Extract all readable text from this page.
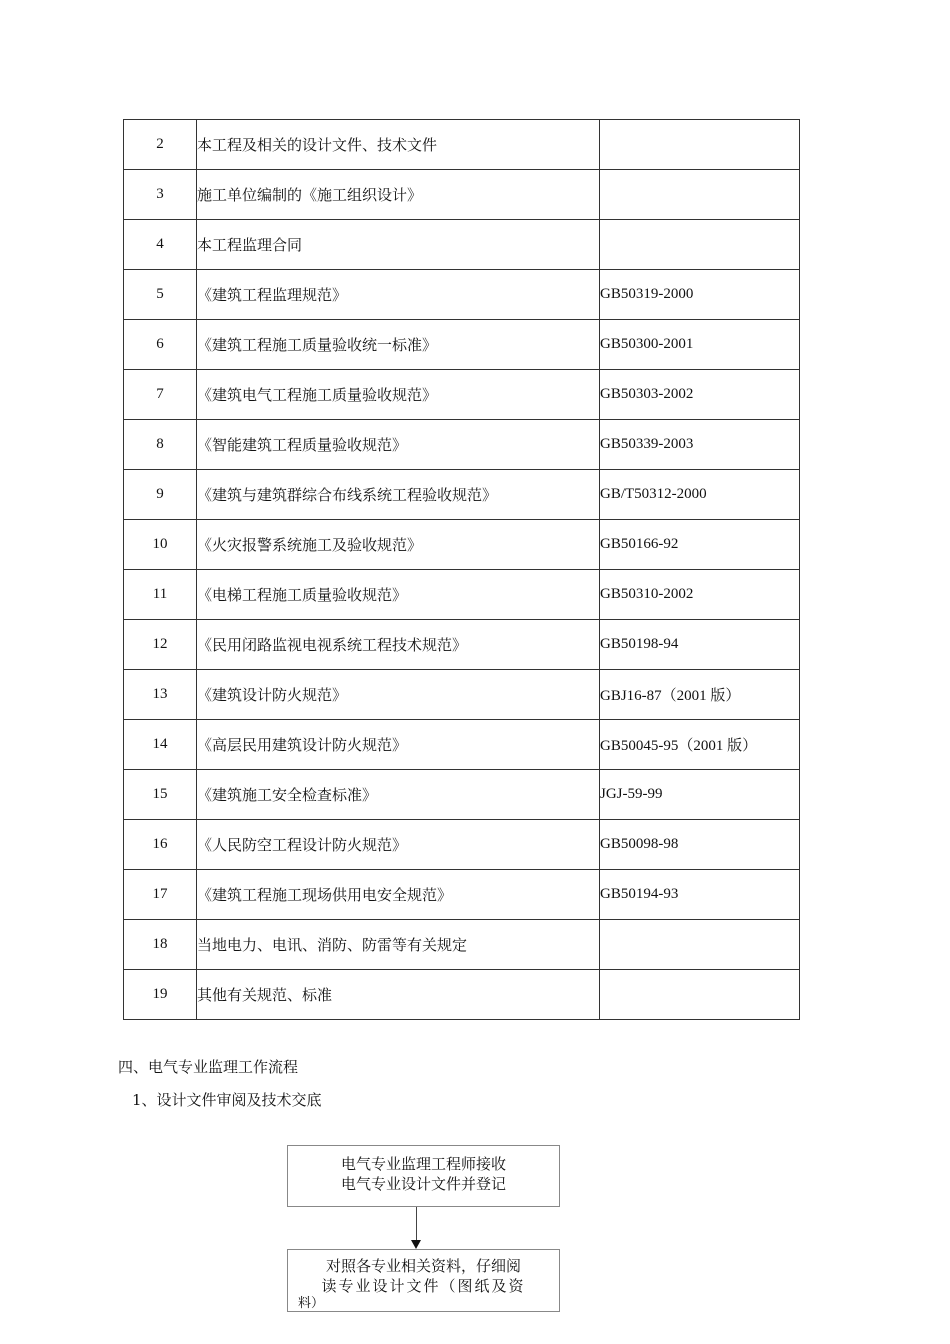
2	本工程及相关的设计文件、技术文件	
3	施工单位编制的《施工组织设计》	
4	本工程监理合同	
5	《建筑工程监理规范》	GB50319-2000
6	《建筑工程施工质量验收统一标准》	GB50300-2001
7	《建筑电气工程施工质量验收规范》	GB50303-2002
8	《智能建筑工程质量验收规范》	GB50339-2003
9	《建筑与建筑群综合布线系统工程验收规范》	GB/T50312-2000
10	《火灾报警系统施工及验收规范》	GB50166-92
11	《电梯工程施工质量验收规范》	GB50310-2002
12	《民用闭路监视电视系统工程技术规范》	GB50198-94
13	《建筑设计防火规范》	GBJ16-87（2001 版）
14	《高层民用建筑设计防火规范》	GB50045-95（2001 版）
15	《建筑施工安全检查标准》	JGJ-59-99
16	《人民防空工程设计防火规范》	GB50098-98
17	《建筑工程施工现场供用电安全规范》	GB50194-93
18	当地电力、电讯、消防、防雷等有关规定	
19	其他有关规范、标准	
四、电气专业监理工作流程
1、设计文件审阅及技术交底
电气专业监理工程师接收
电气专业设计文件并登记
对照各专业相关资料，仔细阅
读专业设计文件（图纸及资
料）
